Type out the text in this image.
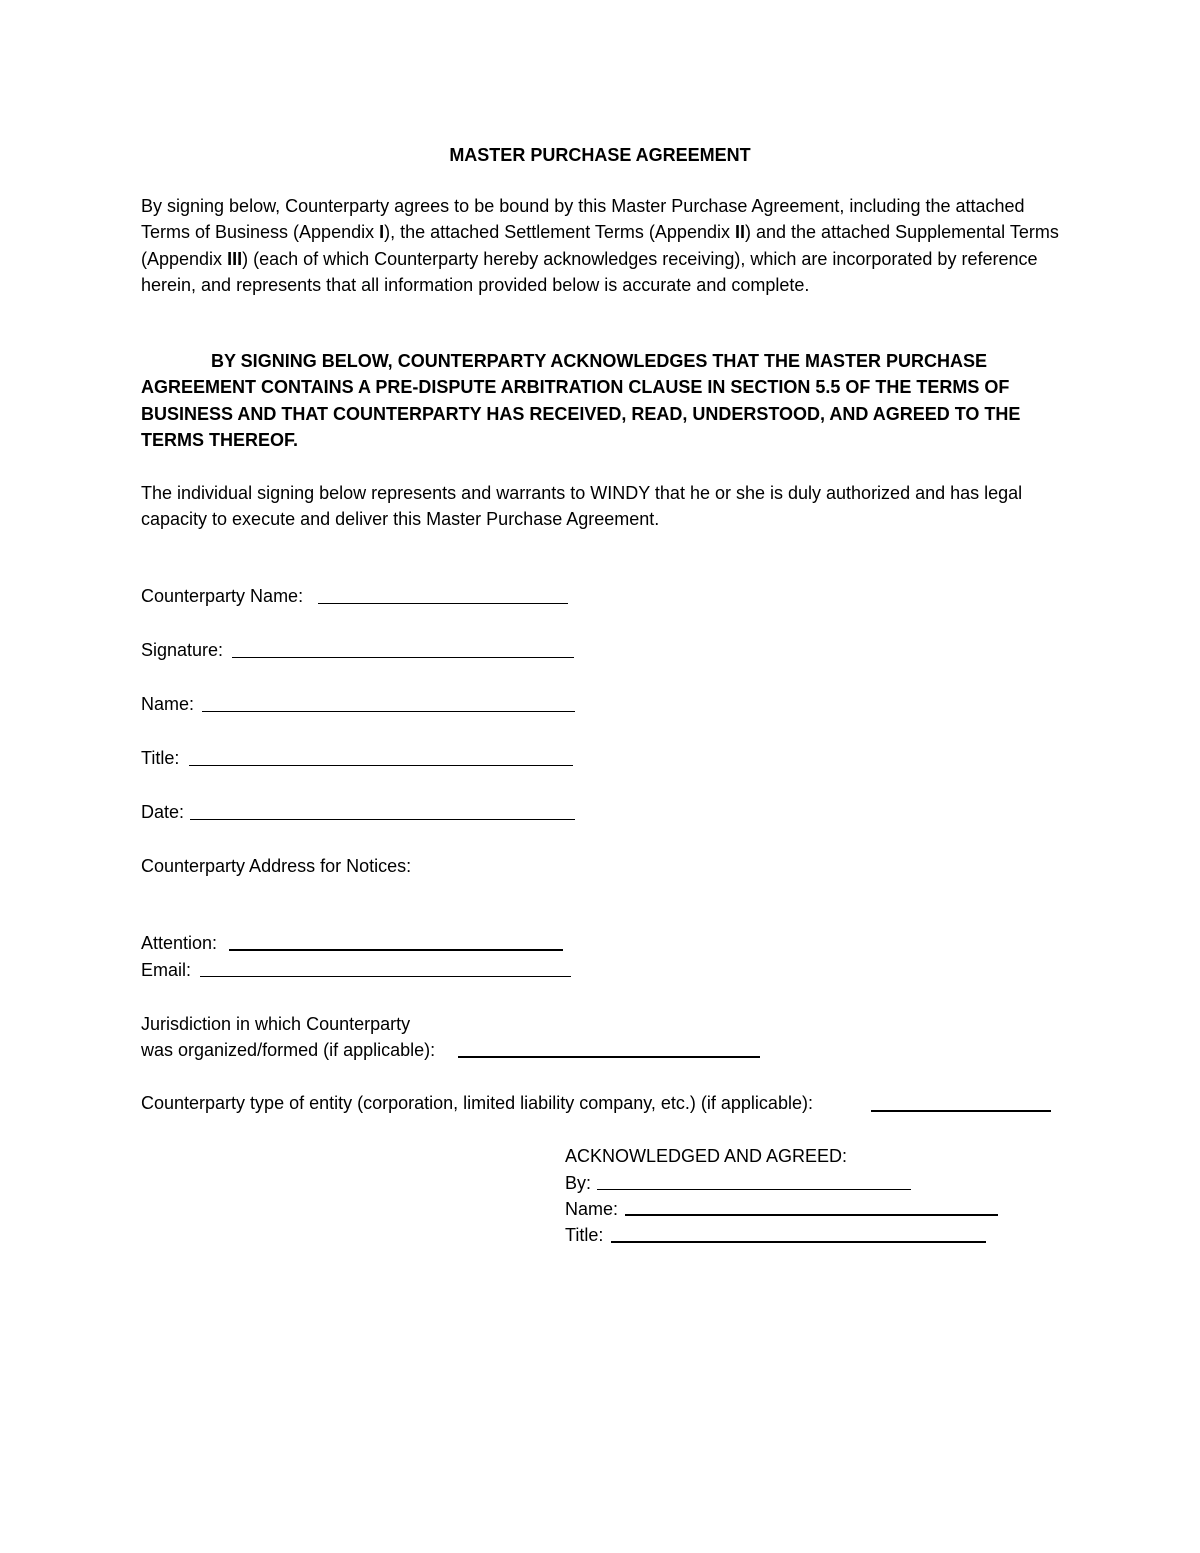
MASTER PURCHASE AGREEMENT

By signing below, Counterparty agrees to be bound by this Master Purchase Agreement, including the attached Terms of Business (Appendix I), the attached Settlement Terms (Appendix II) and the attached Supplemental Terms (Appendix III) (each of which Counterparty hereby acknowledges receiving), which are incorporated by reference herein, and represents that all information provided below is accurate and complete.

BY SIGNING BELOW, COUNTERPARTY ACKNOWLEDGES THAT THE MASTER PURCHASE AGREEMENT CONTAINS A PRE-DISPUTE ARBITRATION CLAUSE IN SECTION 5.5 OF THE TERMS OF BUSINESS AND THAT COUNTERPARTY HAS RECEIVED, READ, UNDERSTOOD, AND AGREED TO THE TERMS THEREOF.

The individual signing below represents and warrants to WINDY that he or she is duly authorized and has legal capacity to execute and deliver this Master Purchase Agreement.

Counterparty Name:
Signature:
Name:
Title:
Date:
Counterparty Address for Notices:
Attention:
Email:
Jurisdiction in which Counterparty
was organized/formed (if applicable):
Counterparty type of entity (corporation, limited liability company, etc.) (if applicable):
ACKNOWLEDGED AND AGREED:
By:
Name:
Title:
